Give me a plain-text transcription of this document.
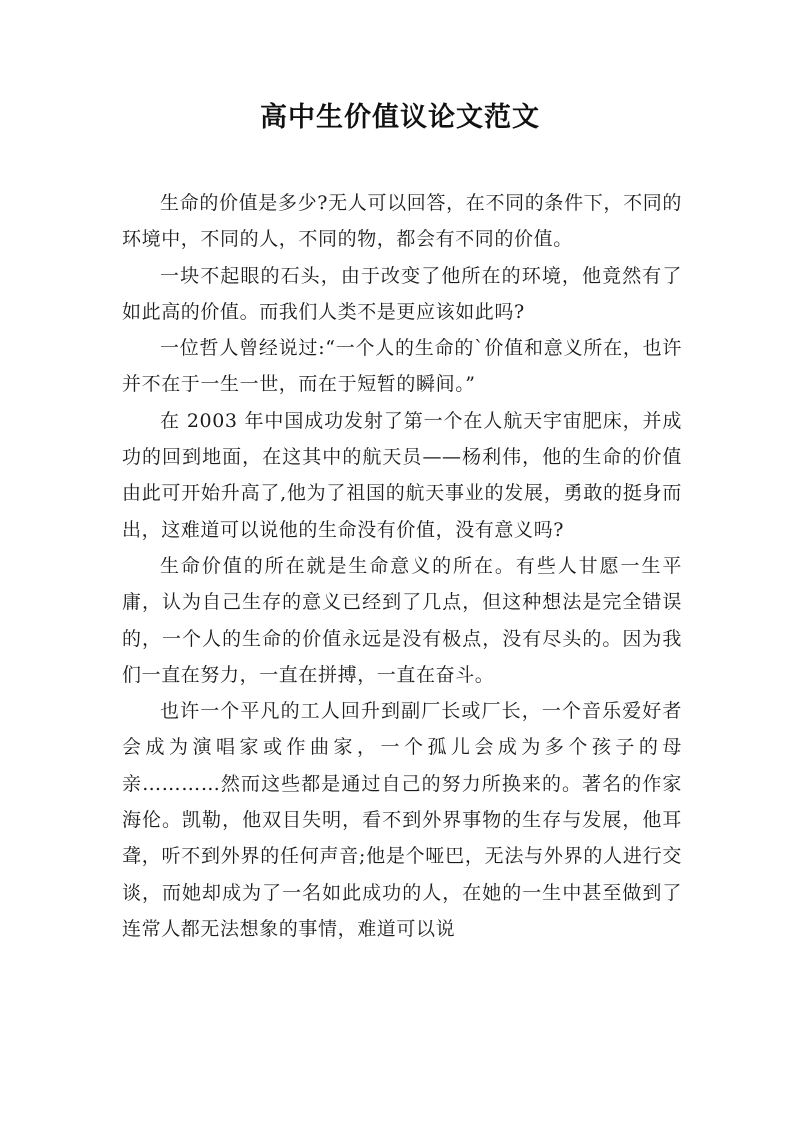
高中生价值议论文范文

生命的价值是多少?无人可以回答，在不同的条件下，不同的环境中，不同的人，不同的物，都会有不同的价值。

一块不起眼的石头，由于改变了他所在的环境，他竟然有了如此高的价值。而我们人类不是更应该如此吗?

一位哲人曾经说过:“一个人的生命的`价值和意义所在，也许并不在于一生一世，而在于短暂的瞬间。”

在 2003 年中国成功发射了第一个在人航天宇宙肥床，并成功的回到地面，在这其中的航天员——杨利伟，他的生命的价值由此可开始升高了,他为了祖国的航天事业的发展，勇敢的挺身而出，这难道可以说他的生命没有价值，没有意义吗?

生命价值的所在就是生命意义的所在。有些人甘愿一生平庸，认为自己生存的意义已经到了几点，但这种想法是完全错误的，一个人的生命的价值永远是没有极点，没有尽头的。因为我们一直在努力，一直在拼搏，一直在奋斗。

也许一个平凡的工人回升到副厂长或厂长，一个音乐爱好者会成为演唱家或作曲家，一个孤儿会成为多个孩子的母亲…………然而这些都是通过自己的努力所换来的。著名的作家海伦。凯勒，他双目失明，看不到外界事物的生存与发展，他耳聋，听不到外界的任何声音;他是个哑巴，无法与外界的人进行交谈，而她却成为了一名如此成功的人，在她的一生中甚至做到了连常人都无法想象的事情，难道可以说
